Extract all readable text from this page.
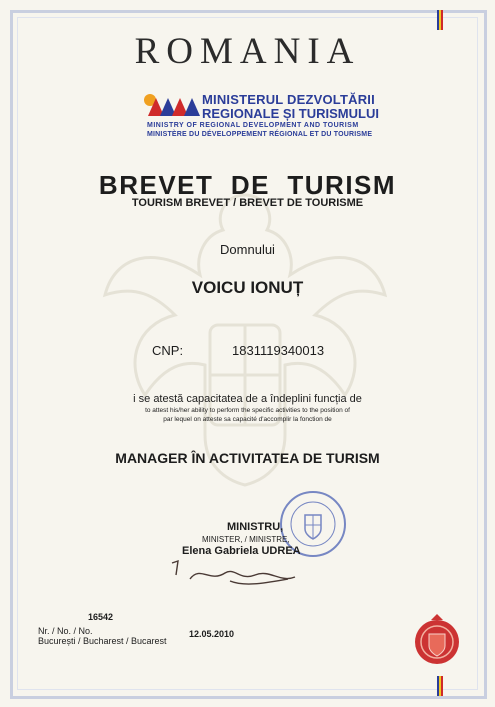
ROMANIA
MINISTERUL DEZVOLTĂRII
REGIONALE ȘI TURISMULUI
MINISTRY OF REGIONAL DEVELOPMENT AND TOURISM
MINISTÈRE DU DÉVELOPPEMENT RÉGIONAL ET DU TOURISME
BREVET  DE  TURISM
TOURISM BREVET / BREVET DE TOURISME
Domnului
VOICU IONUȚ
CNP:	1831119340013
i se atestă capacitatea de a îndeplini funcția de
to attest his/her ability to perform the specific activities to the position of
par lequel on atteste sa capacité d'accomplir la fonction de
MANAGER ÎN ACTIVITATEA DE TURISM
MINISTRU,
MINISTER, / MINISTRE,
Elena Gabriela UDREA
16542
Nr. / No. / No.
București / Bucharest / Bucarest
12.05.2010
